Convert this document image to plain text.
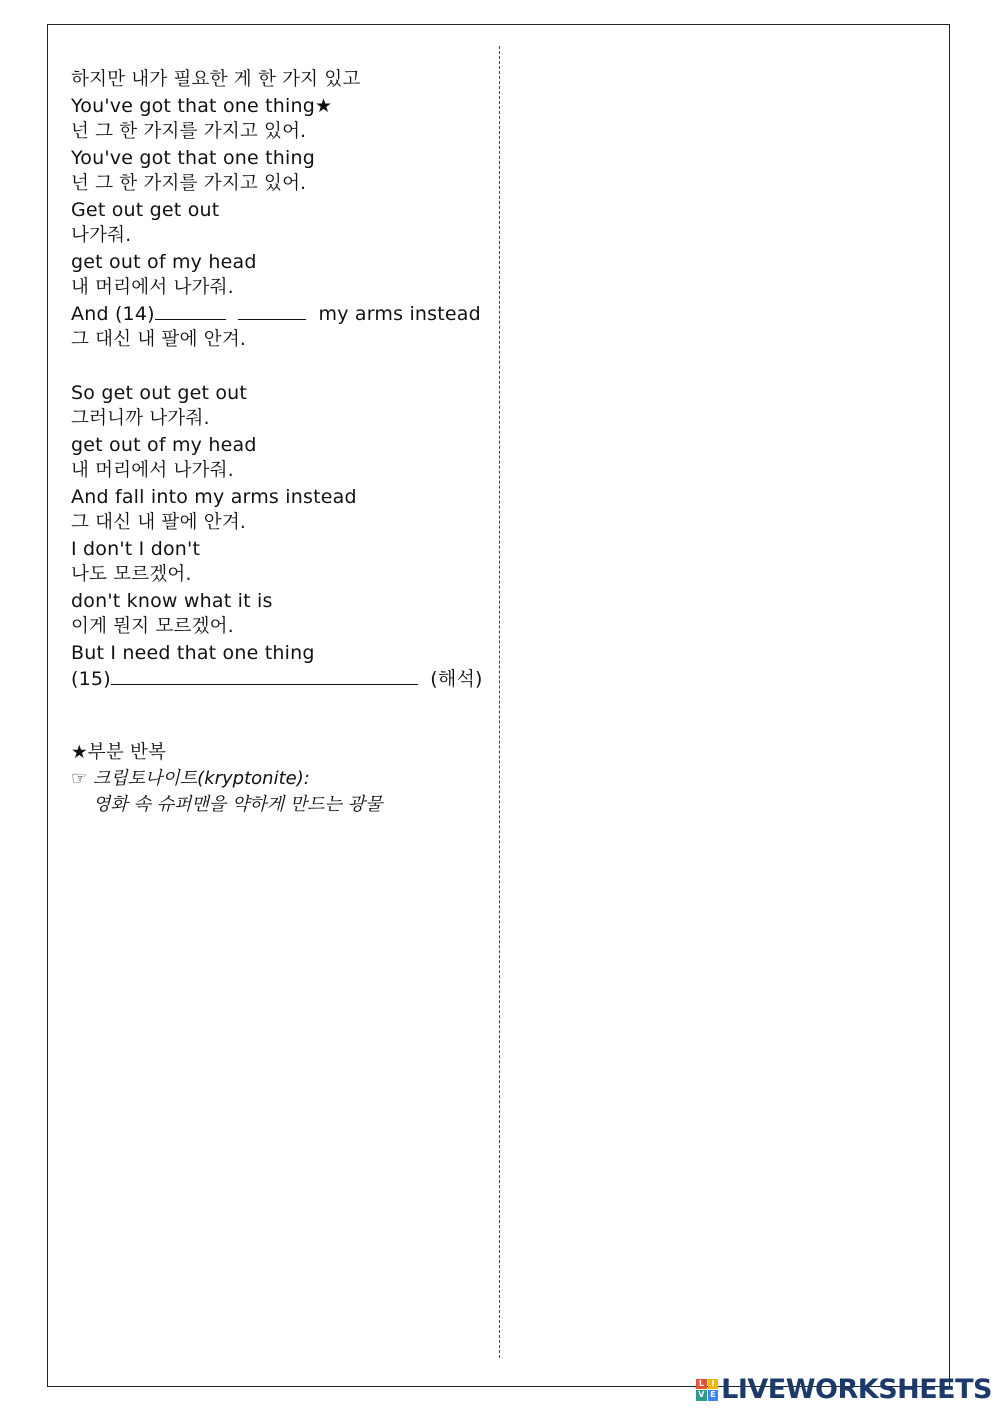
하지만 내가 필요한 게 한 가지 있고
You've got that one thing★
넌 그 한 가지를 가지고 있어.
You've got that one thing
넌 그 한 가지를 가지고 있어.
Get out get out
나가줘.
get out of my head
내 머리에서 나가줘.
And (14)	my arms instead
그 대신 내 팔에 안겨.
So get out get out
그러니까 나가줘.
get out of my head
내 머리에서 나가줘.
And fall into my arms instead
그 대신 내 팔에 안겨.
I don't I don't
나도 모르겠어.
don't know what it is
이게 뭔지 모르겠어.
But I need that one thing
(15)	(해석)
★부분 반복
☞ 크립토나이트(kryptonite):
영화 속 슈퍼맨을 약하게 만드는 광물
L I
V E LIVEWORKSHEETS
